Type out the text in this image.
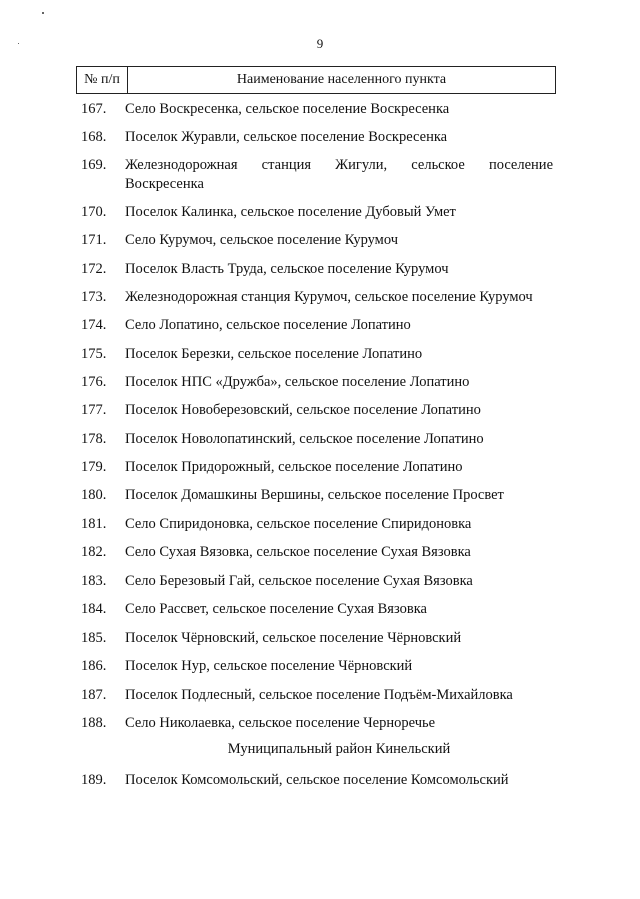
9
№ п/п	Наименование населенного пункта
167.	Село Воскресенка, сельское поселение Воскресенка
168.	Поселок Журавли, сельское поселение Воскресенка
169.	Железнодорожная станция Жигули, сельское поселение Воскресенка
170.	Поселок Калинка, сельское поселение Дубовый Умет
171.	Село Курумоч, сельское поселение Курумоч
172.	Поселок Власть Труда, сельское поселение Курумоч
173.	Железнодорожная станция Курумоч, сельское поселение Курумоч
174.	Село Лопатино, сельское поселение Лопатино
175.	Поселок Березки, сельское поселение Лопатино
176.	Поселок НПС «Дружба», сельское поселение Лопатино
177.	Поселок Новоберезовский, сельское поселение Лопатино
178.	Поселок Новолопатинский, сельское поселение Лопатино
179.	Поселок Придорожный, сельское поселение Лопатино
180.	Поселок Домашкины Вершины, сельское поселение Просвет
181.	Село Спиридоновка, сельское поселение Спиридоновка
182.	Село Сухая Вязовка, сельское поселение Сухая Вязовка
183.	Село Березовый Гай, сельское поселение Сухая Вязовка
184.	Село Рассвет, сельское поселение Сухая Вязовка
185.	Поселок Чёрновский, сельское поселение Чёрновский
186.	Поселок Нур, сельское поселение Чёрновский
187.	Поселок Подлесный, сельское поселение Подъём-Михайловка
188.	Село Николаевка, сельское поселение Черноречье
189.	Поселок Комсомольский, сельское поселение Комсомольский
Муниципальный район Кинельский
